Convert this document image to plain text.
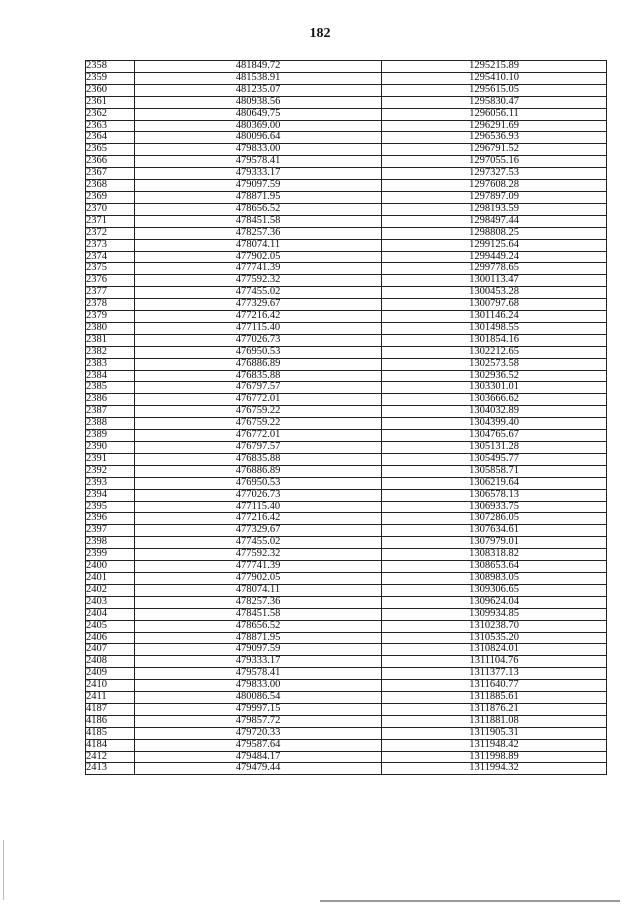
182
2358	481849.72	1295215.89
2359	481538.91	1295410.10
2360	481235.07	1295615.05
2361	480938.56	1295830.47
2362	480649.75	1296056.11
2363	480369.00	1296291.69
2364	480096.64	1296536.93
2365	479833.00	1296791.52
2366	479578.41	1297055.16
2367	479333.17	1297327.53
2368	479097.59	1297608.28
2369	478871.95	1297897.09
2370	478656.52	1298193.59
2371	478451.58	1298497.44
2372	478257.36	1298808.25
2373	478074.11	1299125.64
2374	477902.05	1299449.24
2375	477741.39	1299778.65
2376	477592.32	1300113.47
2377	477455.02	1300453.28
2378	477329.67	1300797.68
2379	477216.42	1301146.24
2380	477115.40	1301498.55
2381	477026.73	1301854.16
2382	476950.53	1302212.65
2383	476886.89	1302573.58
2384	476835.88	1302936.52
2385	476797.57	1303301.01
2386	476772.01	1303666.62
2387	476759.22	1304032.89
2388	476759.22	1304399.40
2389	476772.01	1304765.67
2390	476797.57	1305131.28
2391	476835.88	1305495.77
2392	476886.89	1305858.71
2393	476950.53	1306219.64
2394	477026.73	1306578.13
2395	477115.40	1306933.75
2396	477216.42	1307286.05
2397	477329.67	1307634.61
2398	477455.02	1307979.01
2399	477592.32	1308318.82
2400	477741.39	1308653.64
2401	477902.05	1308983.05
2402	478074.11	1309306.65
2403	478257.36	1309624.04
2404	478451.58	1309934.85
2405	478656.52	1310238.70
2406	478871.95	1310535.20
2407	479097.59	1310824.01
2408	479333.17	1311104.76
2409	479578.41	1311377.13
2410	479833.00	1311640.77
2411	480086.54	1311885.61
4187	479997.15	1311876.21
4186	479857.72	1311881.08
4185	479720.33	1311905.31
4184	479587.64	1311948.42
2412	479484.17	1311998.89
2413	479479.44	1311994.32
